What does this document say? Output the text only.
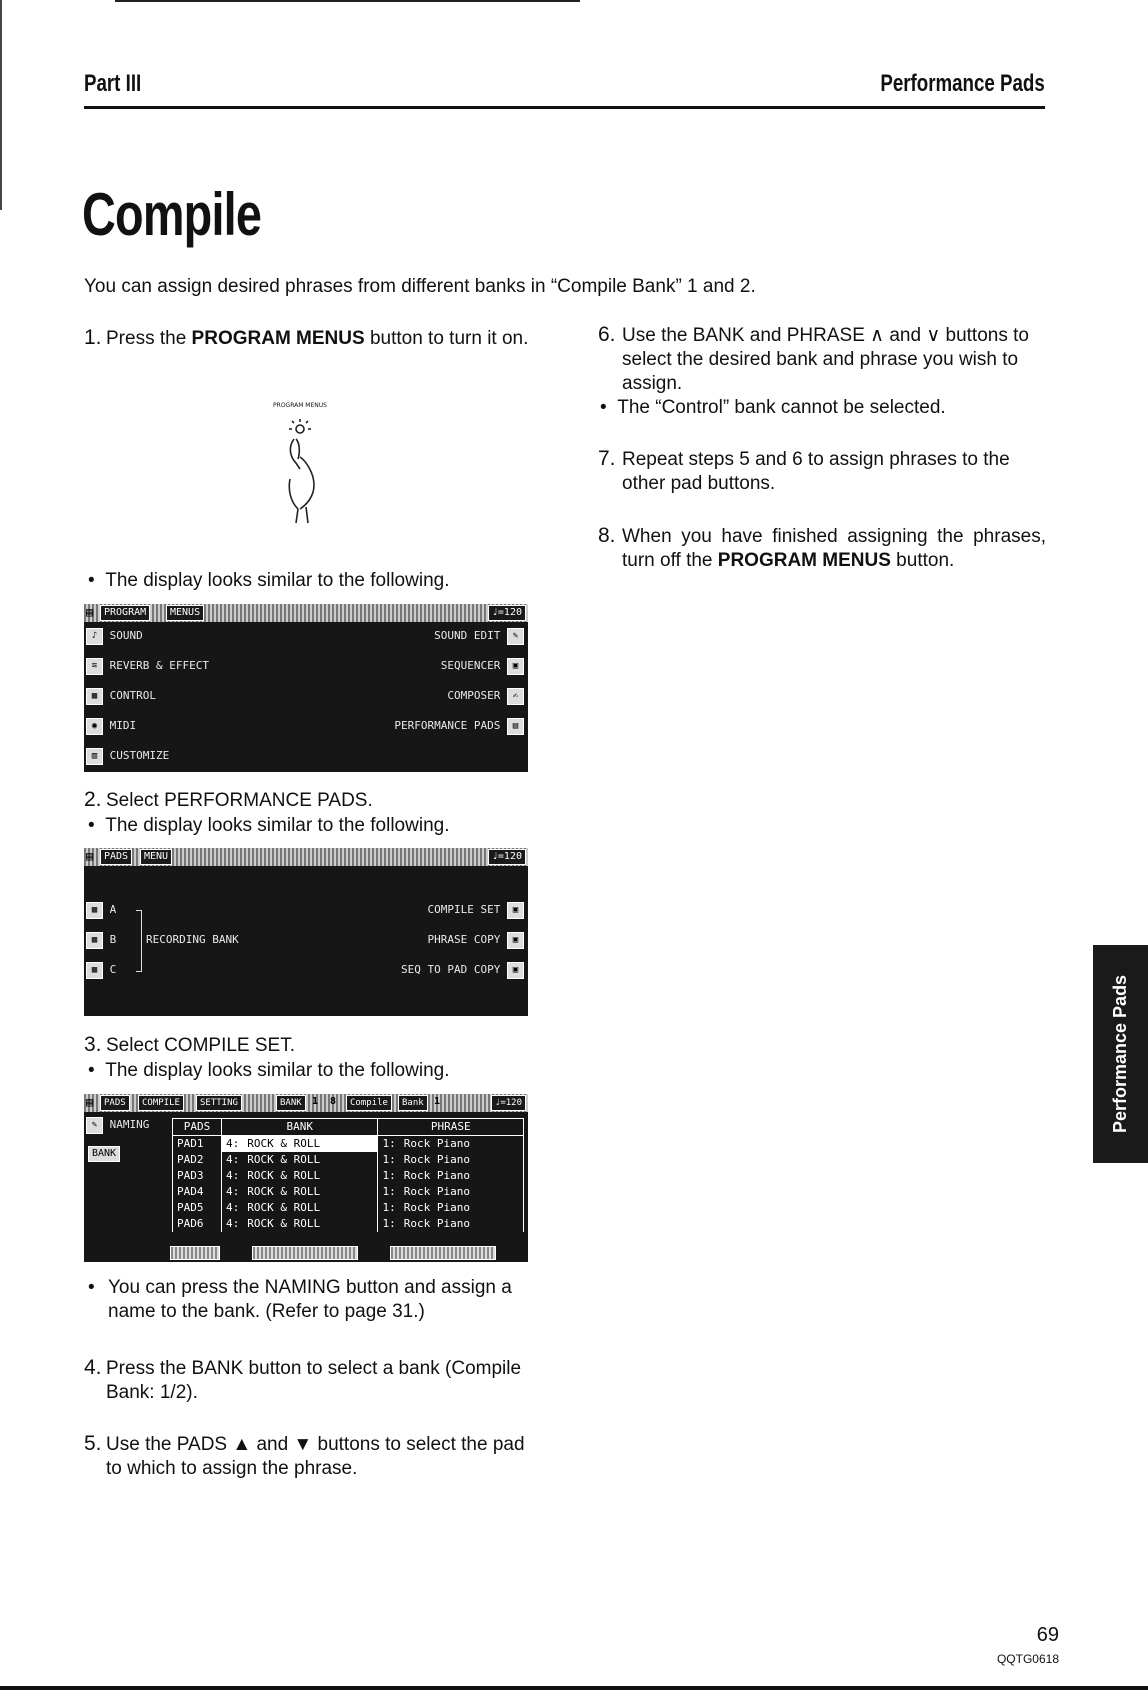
Part III	Performance Pads
Compile
You can assign desired phrases from different banks in “Compile Bank” 1 and 2.
1. Press the PROGRAM MENUS button to turn it on.
PROGRAM MENUS
•  The display looks similar to the following.
▤	PROGRAM	MENUS	♩=120
♪ SOUND
≋ REVERB & EFFECT
▦ CONTROL
◉ MIDI
▥ CUSTOMIZE
SOUND EDIT ✎
SEQUENCER ▣
COMPOSER ✍
PERFORMANCE PADS ▤
2. Select PERFORMANCE PADS.
•  The display looks similar to the following.
▤	PADS	MENU	♩=120
▦ A
▦ B
▦ C
RECORDING BANK
COMPILE SET ▣
PHRASE COPY ▣
SEQ TO PAD COPY ▣
3. Select COMPILE SET.
•  The display looks similar to the following.
▤	PADS	COMPILE	SETTING	BANK	1  8	Compile	Bank	1	♩=120
✎ NAMING
BANK
PADS	BANK		PHRASE	
PAD1	4:	ROCK & ROLL	1:	Rock Piano
PAD2	4:	ROCK & ROLL	1:	Rock Piano
PAD3	4:	ROCK & ROLL	1:	Rock Piano
PAD4	4:	ROCK & ROLL	1:	Rock Piano
PAD5	4:	ROCK & ROLL	1:	Rock Piano
PAD6	4:	ROCK & ROLL	1:	Rock Piano
• You can press the NAMING button and assign a name to the bank. (Refer to page 31.)
4. Press the BANK button to select a bank (Compile Bank: 1/2).
5. Use the PADS ▲ and ▼ buttons to select the pad to which to assign the phrase.
6. Use the BANK and PHRASE ∧ and ∨ buttons to select the desired bank and phrase you wish to assign.
•  The “Control” bank cannot be selected.
7. Repeat steps 5 and 6 to assign phrases to the other pad buttons.
8. When you have finished assigning the phrases, turn off the PROGRAM MENUS button.
Performance Pads
69
QQTG0618
